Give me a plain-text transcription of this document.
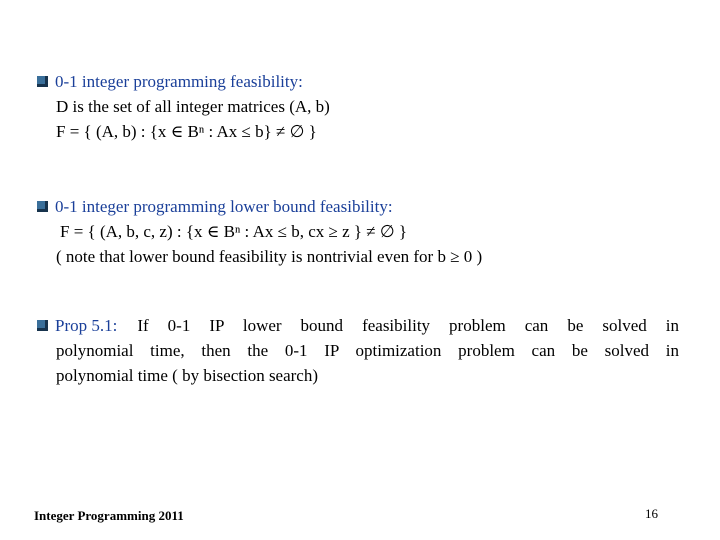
0-1 integer programming feasibility:
D is the set of all integer matrices (A, b)
F = { (A, b) : {x ∈ Bⁿ : Ax ≤ b} ≠ ∅ }
0-1 integer programming lower bound feasibility:
F = { (A, b, c, z) : {x ∈ Bⁿ : Ax ≤ b, cx ≥ z } ≠ ∅ }
( note that lower bound feasibility is nontrivial even for b ≥ 0 )
Prop 5.1:	If 0-1 IP lower bound feasibility problem can be solved in
polynomial time, then the 0-1 IP optimization problem can be solved in
polynomial time ( by bisection search)
Integer Programming 2011	16
